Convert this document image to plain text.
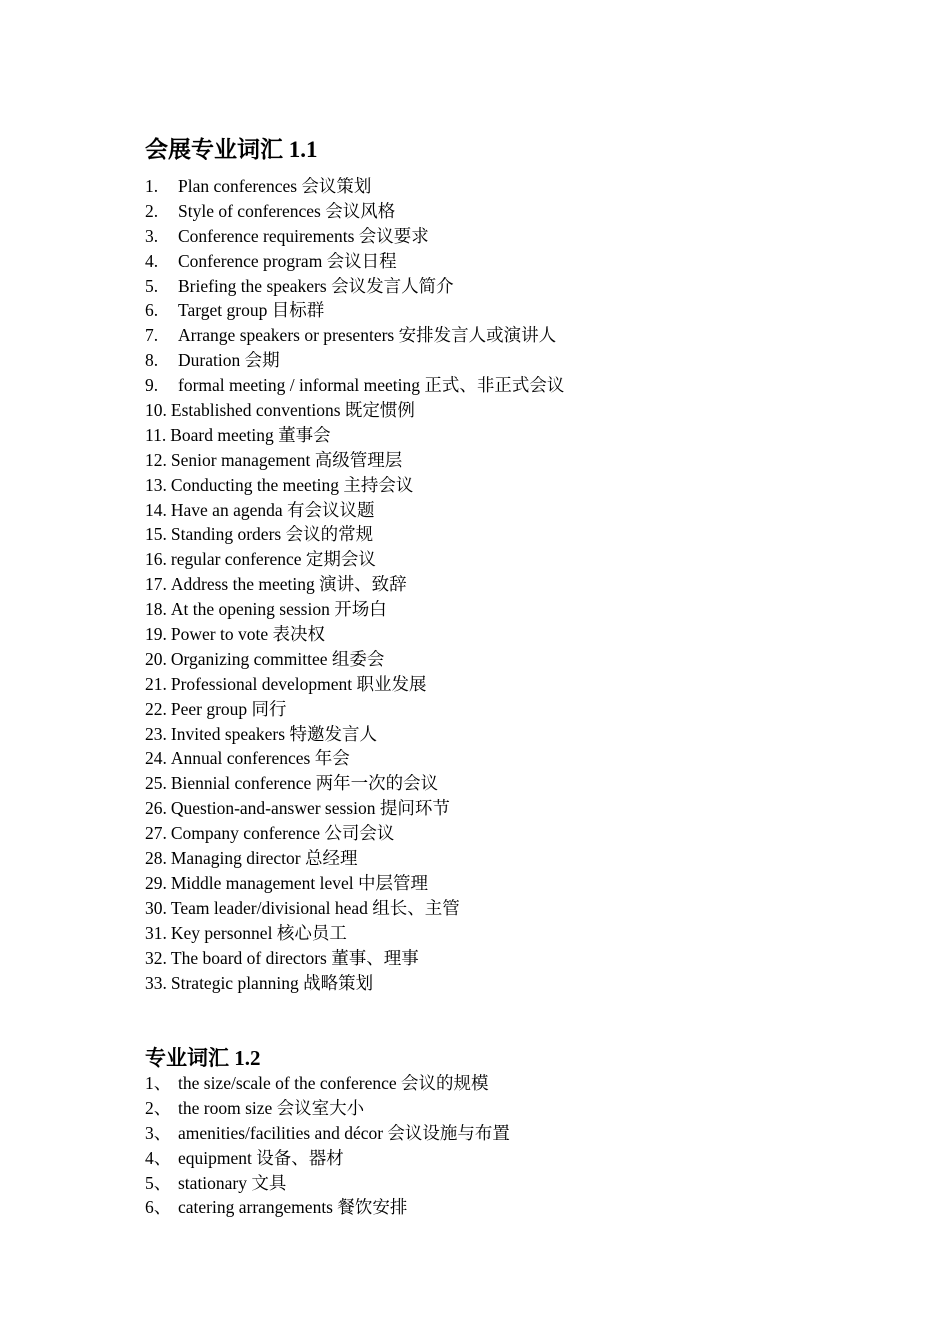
会展专业词汇 1.1
1.	Plan conferences 会议策划
2.	Style of conferences 会议风格
3.	Conference requirements 会议要求
4.	Conference program 会议日程
5.	Briefing the speakers 会议发言人简介
6.	Target group 目标群
7.	Arrange speakers or presenters 安排发言人或演讲人
8.	Duration 会期
9.	formal meeting / informal meeting 正式、非正式会议
10. Established conventions 既定惯例
11. Board meeting 董事会
12. Senior management 高级管理层
13. Conducting the meeting 主持会议
14. Have an agenda 有会议议题
15. Standing orders 会议的常规
16. regular conference 定期会议
17. Address the meeting 演讲、致辞
18. At the opening session 开场白
19. Power to vote 表决权
20. Organizing committee 组委会
21. Professional development 职业发展
22. Peer group 同行
23. Invited speakers 特邀发言人
24. Annual conferences 年会
25. Biennial conference 两年一次的会议
26. Question-and-answer session 提问环节
27. Company conference 公司会议
28. Managing director 总经理
29. Middle management level 中层管理
30. Team leader/divisional head 组长、主管
31. Key personnel 核心员工
32. The board of directors 董事、理事
33. Strategic planning 战略策划
专业词汇 1.2
1、 the size/scale of the conference 会议的规模
2、 the room size 会议室大小
3、 amenities/facilities and décor 会议设施与布置
4、 equipment 设备、器材
5、 stationary 文具
6、 catering arrangements 餐饮安排
